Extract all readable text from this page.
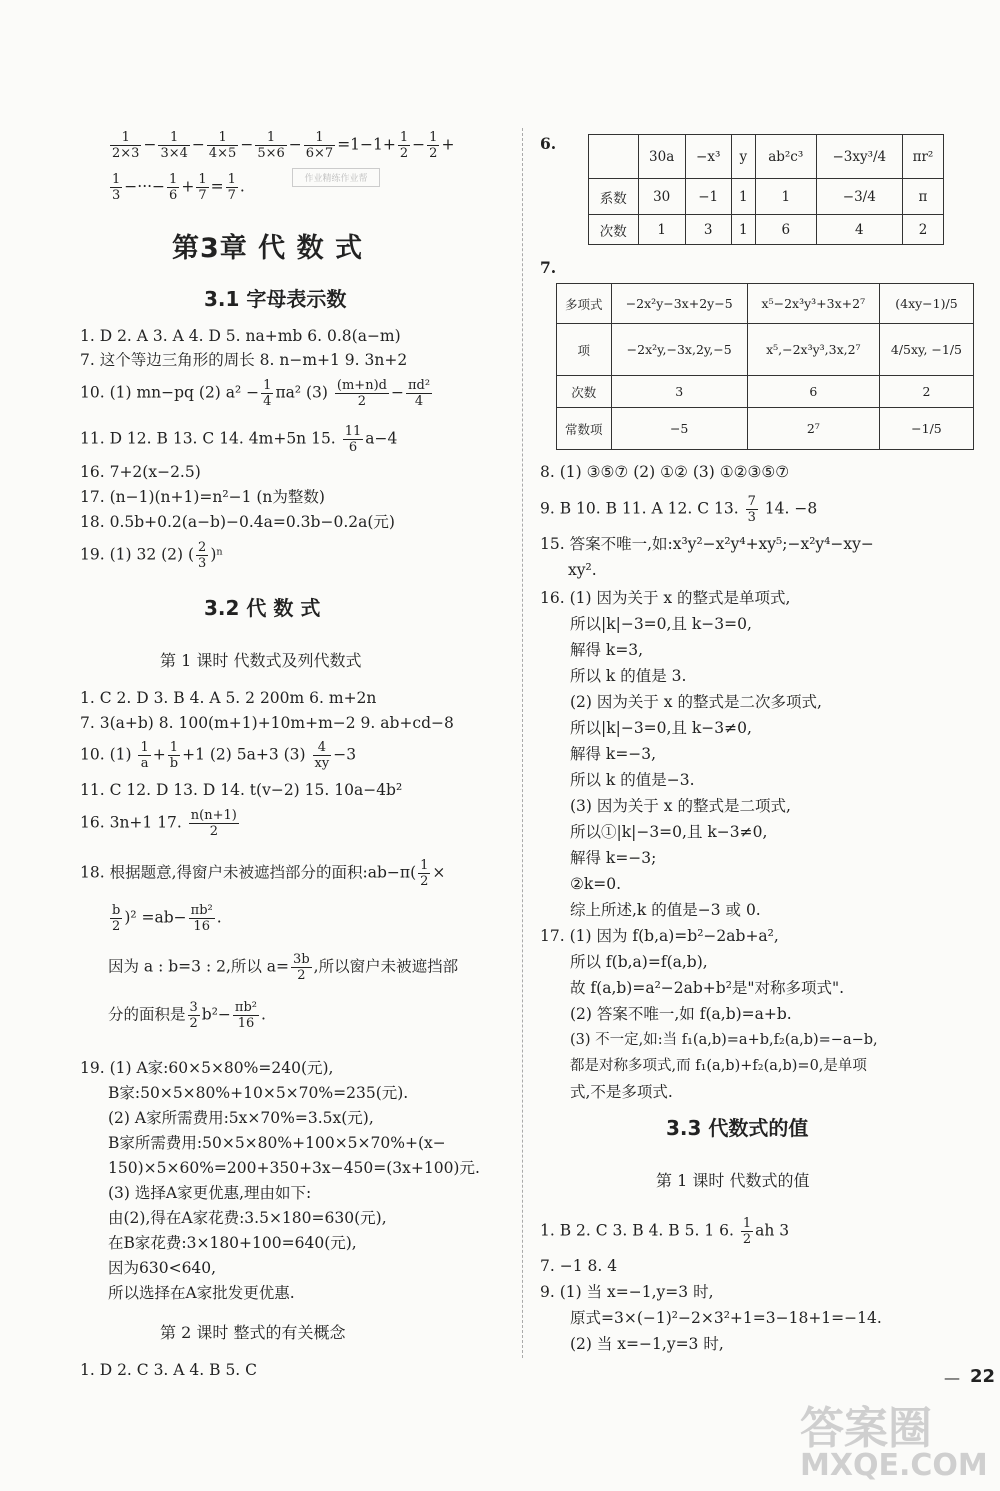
$\frac{1}{2\times 3} - \frac{1}{3\times 4} - \frac{1}{4\times 5} - \frac{1}{5\times 6} - \frac{1}{6\times 7} =1-1+ \frac{1}{2} - \frac{1}{2}$ +
$\frac{1}{3}$ −···− $\frac{1}{6} + \frac{1}{7} = \frac{1}{7}$ .	作业精练作业帮
第3章 代 数 式
3.1 字母表示数
1. D 2. A 3. A 4. D 5. na+mb 6. 0.8(a−m)
7. 这个等边三角形的周长 8. n−m+1 9. 3n+2
10. (1) mn−pq (2) $a^2 - \frac{1}{4} \pi a^2$ $(3) \frac{(m+n)d}{2} - \frac{\text{πd²}}{4}$
11. D 12. B 13. C 14. 4m+5n 15. $\frac{11}{6} a-4$
16. 7+2(x−2.5)
17. (n−1)(n+1)=n²−1 (n为整数)
18. 0.5b+0.2(a−b)−0.4a=0.3b−0.2a(元)
19. (1) 32 (2) ( $\frac{2}{3} )^n$
3.2 代 数 式
第 1 课时 代数式及列代数式
1. C 2. D 3. B 4. A 5. 2 200m 6. m+2n
7. 3(a+b) 8. 100(m+1)+10m+m−2 9. ab+cd−8
10. $(1) \frac{1}{a} + \frac{1}{b} +1$ (2) 5a+3 $(3) \frac{4}{xy} -3$
11. C 12. D 13. D 14. t(v−2) 15. 10a−4b²
16. 3n+1 17. $\frac{n(n+1)}{2}$
18. 根据题意,得窗户未被遮挡部分的面积:ab−π( $\frac{1}{2}$ ×
$\frac{b}{2} )^2 =ab- \frac{\text{πb²}}{16}$ .
因为 a : b=3 : 2,所以 $a= \frac{3b}{2}$ ,所以窗户未被遮挡部
分的面积是 $\frac{3}{2} b^2- \frac{\text{πb²}}{16}$ .
19. (1) A家:60×5×80%=240(元),
B家:50×5×80%+10×5×70%=235(元).
(2) A家所需费用:5x×70%=3.5x(元),
B家所需费用:50×5×80%+100×5×70%+(x−
150)×5×60%=200+350+3x−450=(3x+100)元.
(3) 选择A家更优惠,理由如下:
由(2),得在A家花费:3.5×180=630(元),
在B家花费:3×180+100=640(元),
因为630<640,
所以选择在A家批发更优惠.
第 2 课时 整式的有关概念
1. D 2. C 3. A 4. B 5. C
6.
	30a	−x³	y	ab²c³	−3xy³/4	πr²
系数	30	−1	1	1	−3/4	π
次数	1	3	1	6	4	2
7.
多项式	−2x²y−3x+2y−5	x⁵−2x³y³+3x+2⁷	(4xy−1)/5
项	−2x²y,−3x,2y,−5	x⁵,−2x³y³,3x,2⁷	4/5xy, −1/5
次数	3	6	2
常数项	−5	2⁷	−1/5
8. (1) ③⑤⑦ (2) ①② (3) ①②③⑤⑦
9. B 10. B 11. A 12. C 13. $\frac{7}{3} 14$. −8
15. 答案不唯一,如:x³y²−x²y⁴+xy⁵;−x²y⁴−xy−
xy².
16. (1) 因为关于 x 的整式是单项式,
所以|k|−3=0,且 k−3=0,
解得 k=3,
所以 k 的值是 3.
(2) 因为关于 x 的整式是二次多项式,
所以|k|−3=0,且 k−3≠0,
解得 k=−3,
所以 k 的值是−3.
(3) 因为关于 x 的整式是二项式,
所以①|k|−3=0,且 k−3≠0,
解得 k=−3;
②k=0.
综上所述,k 的值是−3 或 0.
17. (1) 因为 f(b,a)=b²−2ab+a²,
所以 f(b,a)=f(a,b),
故 f(a,b)=a²−2ab+b²是"对称多项式".
(2) 答案不唯一,如 f(a,b)=a+b.
(3) 不一定,如:当 f₁(a,b)=a+b,f₂(a,b)=−a−b,
都是对称多项式,而 f₁(a,b)+f₂(a,b)=0,是单项
式,不是多项式.
3.3 代数式的值
第 1 课时 代数式的值
1. B 2. C 3. B 4. B 5. 1 6. $\frac{1}{2}$ ah 3
7. −1 8. 4
9. (1) 当 x=−1,y=3 时,
原式=3×(−1)²−2×3²+1=3−18+1=−14.
(2) 当 x=−1,y=3 时,
— 22
答案圈
MXQE.COM
